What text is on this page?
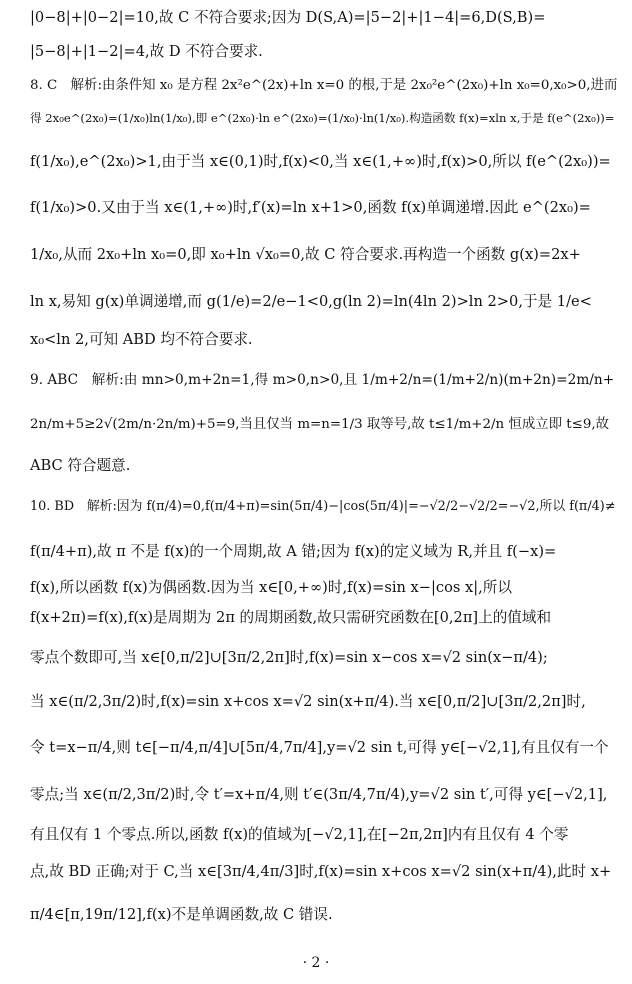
|0−8|+|0−2|=10,故 C 不符合要求;因为 D(S,A)=|5−2|+|1−4|=6,D(S,B)=
|5−8|+|1−2|=4,故 D 不符合要求.
8. C　解析:由条件知 x₀ 是方程 2x²e^(2x)+ln x=0 的根,于是 2x₀²e^(2x₀)+ln x₀=0,x₀>0,进而
得 2x₀e^(2x₀)=(1/x₀)ln(1/x₀),即 e^(2x₀)·ln e^(2x₀)=(1/x₀)·ln(1/x₀).构造函数 f(x)=xln x,于是 f(e^(2x₀))=
f(1/x₀),e^(2x₀)>1,由于当 x∈(0,1)时,f(x)<0,当 x∈(1,+∞)时,f(x)>0,所以 f(e^(2x₀))=
f(1/x₀)>0.又由于当 x∈(1,+∞)时,f′(x)=ln x+1>0,函数 f(x)单调递增.因此 e^(2x₀)=
1/x₀,从而 2x₀+ln x₀=0,即 x₀+ln √x₀=0,故 C 符合要求.再构造一个函数 g(x)=2x+
ln x,易知 g(x)单调递增,而 g(1/e)=2/e−1<0,g(ln 2)=ln(4ln 2)>ln 2>0,于是 1/e<
x₀<ln 2,可知 ABD 均不符合要求.
9. ABC　解析:由 mn>0,m+2n=1,得 m>0,n>0,且 1/m+2/n=(1/m+2/n)(m+2n)=2m/n+
2n/m+5≥2√(2m/n·2n/m)+5=9,当且仅当 m=n=1/3 取等号,故 t≤1/m+2/n 恒成立即 t≤9,故
ABC 符合题意.
10. BD　解析:因为 f(π/4)=0,f(π/4+π)=sin(5π/4)−|cos(5π/4)|=−√2/2−√2/2=−√2,所以 f(π/4)≠
f(π/4+π),故 π 不是 f(x)的一个周期,故 A 错;因为 f(x)的定义域为 R,并且 f(−x)=
f(x),所以函数 f(x)为偶函数.因为当 x∈[0,+∞)时,f(x)=sin x−|cos x|,所以
f(x+2π)=f(x),f(x)是周期为 2π 的周期函数,故只需研究函数在[0,2π]上的值域和
零点个数即可,当 x∈[0,π/2]∪[3π/2,2π]时,f(x)=sin x−cos x=√2 sin(x−π/4);
当 x∈(π/2,3π/2)时,f(x)=sin x+cos x=√2 sin(x+π/4).当 x∈[0,π/2]∪[3π/2,2π]时,
令 t=x−π/4,则 t∈[−π/4,π/4]∪[5π/4,7π/4],y=√2 sin t,可得 y∈[−√2,1],有且仅有一个
零点;当 x∈(π/2,3π/2)时,令 t′=x+π/4,则 t′∈(3π/4,7π/4),y=√2 sin t′,可得 y∈[−√2,1],
有且仅有 1 个零点.所以,函数 f(x)的值域为[−√2,1],在[−2π,2π]内有且仅有 4 个零
点,故 BD 正确;对于 C,当 x∈[3π/4,4π/3]时,f(x)=sin x+cos x=√2 sin(x+π/4),此时 x+
π/4∈[π,19π/12],f(x)不是单调函数,故 C 错误.
· 2 ·
